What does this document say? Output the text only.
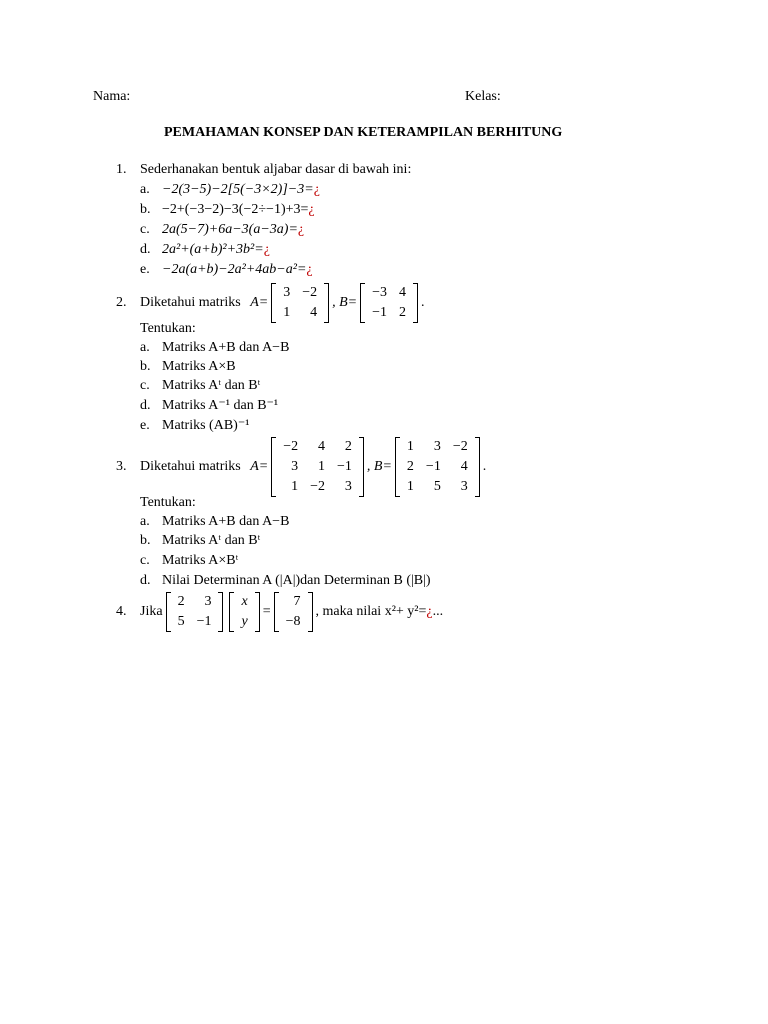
Nama:	Kelas:
PEMAHAMAN KONSEP DAN KETERAMPILAN BERHITUNG
1. Sederhanakan bentuk aljabar dasar di bawah ini:
a. −2(3−5)−2[5(−3×2)]−3=¿
b. −2+(−3−2)−3(−2÷−1)+3=¿
c. 2a(5−7)+6a−3(a−3a)=¿
d. 2a²+(a+b)²+3b²=¿
e. −2a(a+b)−2a²+4ab−a²=¿
2. Diketahui matriks A=
3	−2
1	4
, B=
−3	4
−1	2
.
Tentukan:
a. Matriks A+B dan A−B
b. Matriks A×B
c. Matriks Aᵗ dan Bᵗ
d. Matriks A⁻¹ dan B⁻¹
e. Matriks (AB)⁻¹
3. Diketahui matriks A=
−2	4	2
3	1	−1
1	−2	3
, B=
1	3	−2
2	−1	4
1	5	3
.
Tentukan:
a. Matriks A+B dan A−B
b. Matriks Aᵗ dan Bᵗ
c. Matriks A×Bᵗ
d. Nilai Determinan A (|A|)dan Determinan B (|B|)
4. Jika
2	3
5	−1
x
y
=
7
−8
, maka nilai x²+ y²=¿...
